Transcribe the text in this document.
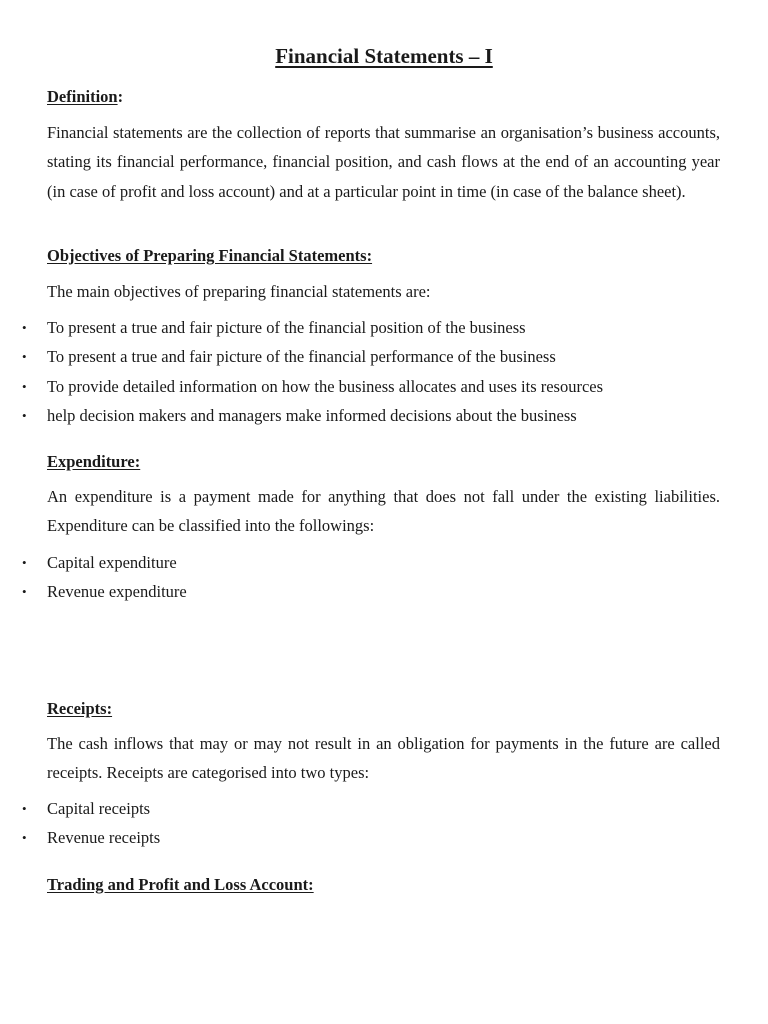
Financial Statements – I
Definition:

Financial statements are the collection of reports that summarise an organisation’s business accounts, stating its financial performance, financial position, and cash flows at the end of an accounting year (in case of profit and loss account) and at a particular point in time (in case of the balance sheet).

Objectives of Preparing Financial Statements:

The main objectives of preparing financial statements are:

• To present a true and fair picture of the financial position of the business
• To present a true and fair picture of the financial performance of the business
• To provide detailed information on how the business allocates and uses its resources
• help decision makers and managers make informed decisions about the business
Expenditure:

An expenditure is a payment made for anything that does not fall under the existing liabilities. Expenditure can be classified into the followings:

• Capital expenditure
• Revenue expenditure
Receipts:

The cash inflows that may or may not result in an obligation for payments in the future are called receipts. Receipts are categorised into two types:

• Capital receipts
• Revenue receipts
Trading and Profit and Loss Account:
